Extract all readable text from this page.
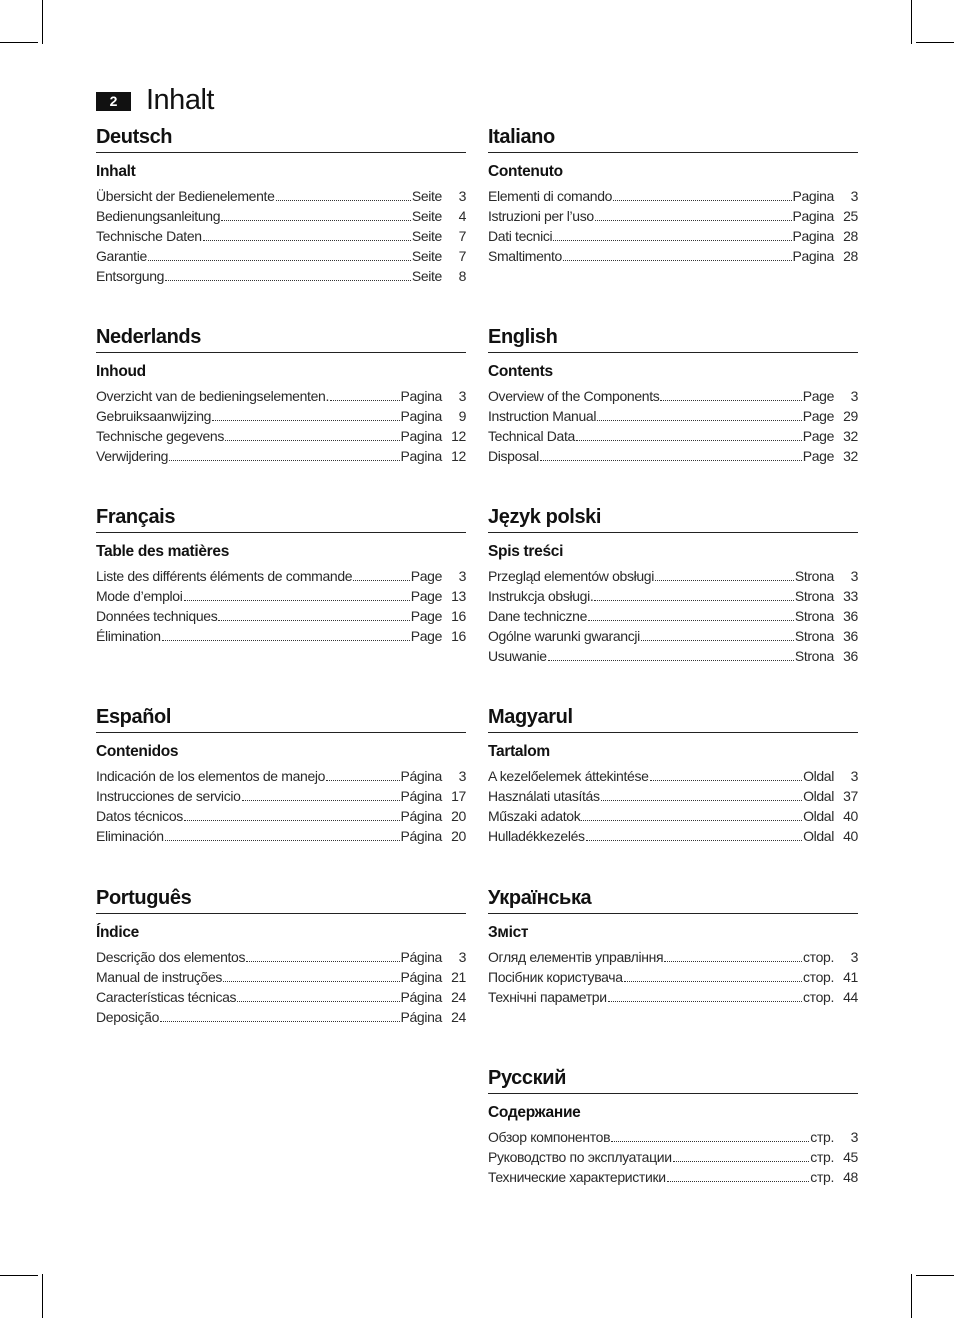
2 Inhalt
Deutsch
Inhalt
Übersicht der Bedienelemente	Seite	3
Bedienungsanleitung	Seite	4
Technische Daten	Seite	7
Garantie	Seite	7
Entsorgung	Seite	8
Nederlands
Inhoud
Overzicht van de bedieningselementen.	Pagina	3
Gebruiksaanwijzing	Pagina	9
Technische gegevens	Pagina 12
Verwijdering	Pagina 12
Français
Table des matières
Liste des différents éléments de commande	Page	3
Mode d’emploi	Page 13
Données techniques	Page 16
Élimination	Page 16
Español
Contenidos
Indicación de los elementos de manejo	Página	3
Instrucciones de servicio	Página 17
Datos técnicos	Página 20
Eliminación	Página 20
Português
Índice
Descrição dos elementos	Página	3
Manual de instruções	Página 21
Características técnicas	Página 24
Deposição	Página 24
Italiano
Contenuto
Elementi di comando	Pagina	3
Istruzioni per l’uso	Pagina 25
Dati tecnici	Pagina 28
Smaltimento	Pagina 28
English
Contents
Overview of the Components	Page	3
Instruction Manual	Page 29
Technical Data	Page 32
Disposal	Page 32
Język polski
Spis treści
Przegląd elementów obsługi	Strona	3
Instrukcja obsługi.	Strona 33
Dane techniczne	Strona 36
Ogólne warunki gwarancji	Strona 36
Usuwanie	Strona 36
Magyarul
Tartalom
A kezelőelemek áttekintése	Oldal	3
Használati utasítás	Oldal 37
Műszaki adatok	Oldal 40
Hulladékkezelés	Oldal 40
Українська
Зміст
Огляд елементів управління	стор.	3
Посібник користувача	стор. 41
Технічні параметри	стор. 44
Русский
Содержание
Обзор компонентов	стр.	3
Руководство по эксплуатации	стр. 45
Технические характеристики	стр. 48
